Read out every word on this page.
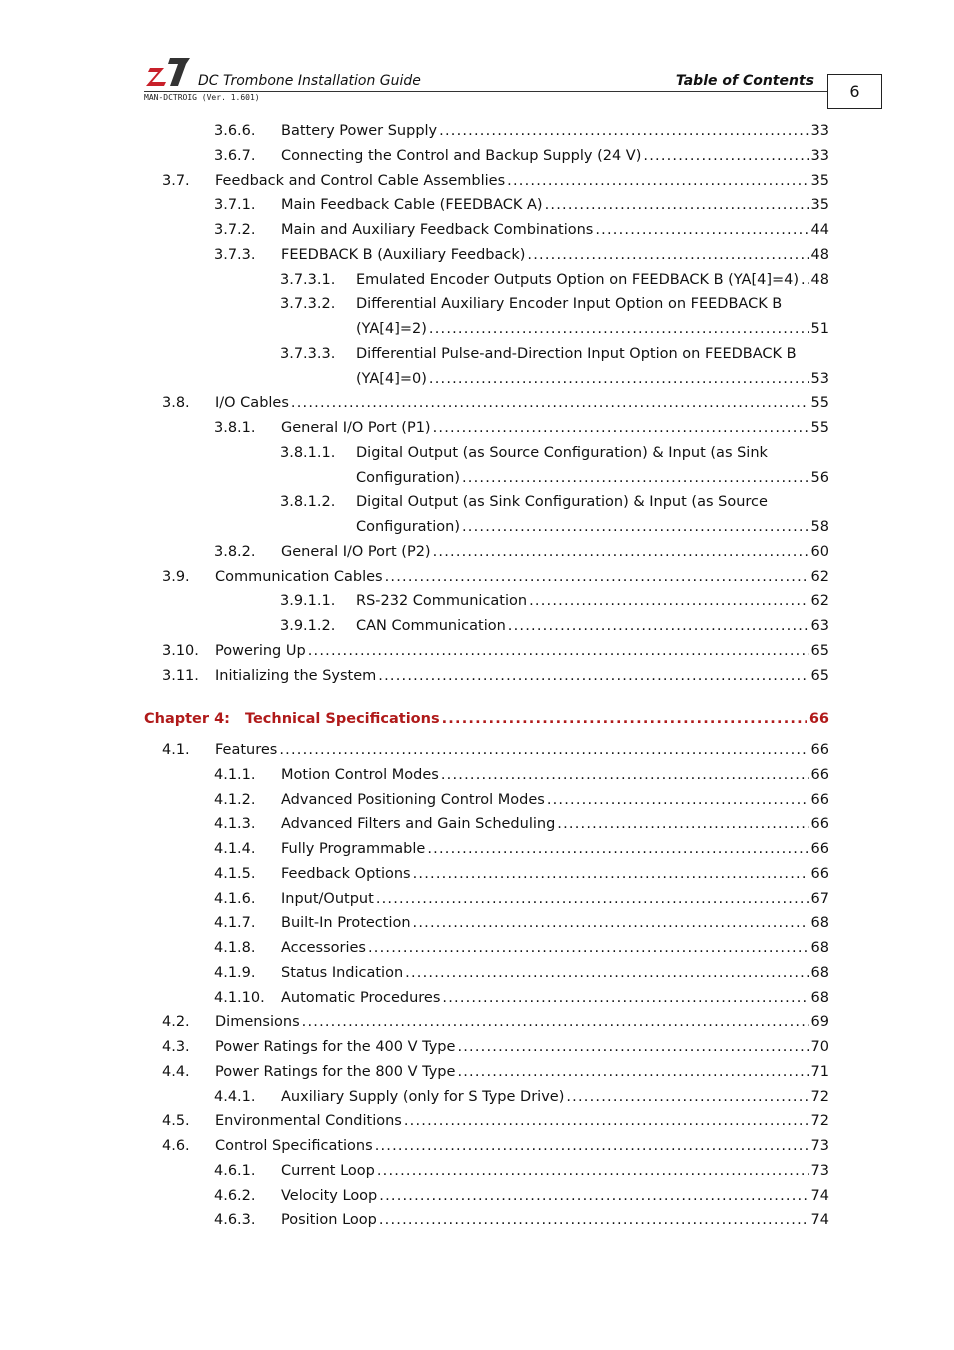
DC Trombone Installation Guide	Table of Contents
MAN-DCTROIG (Ver. 1.601)	6
3.6.6. Battery Power Supply .....	33
3.6.7. Connecting the Control and Backup Supply (24 V) .....	33
3.7. Feedback and Control Cable Assemblies .....	35
3.7.1. Main Feedback Cable (FEEDBACK A) .....	35
3.7.2. Main and Auxiliary Feedback Combinations .....	44
3.7.3. FEEDBACK B (Auxiliary Feedback) .....	48
3.7.3.1. Emulated Encoder Outputs Option on FEEDBACK B (YA[4]=4) ..... 48
3.7.3.2. Differential Auxiliary Encoder Input Option on FEEDBACK B
(YA[4]=2) .....	51
3.7.3.3. Differential Pulse-and-Direction Input Option on FEEDBACK B
(YA[4]=0) .....	53
3.8. I/O Cables .....	55
3.8.1. General I/O Port (P1) .....	55
3.8.1.1. Digital Output (as Source Configuration) & Input (as Sink
Configuration) .....	56
3.8.1.2. Digital Output (as Sink Configuration) & Input (as Source
Configuration) .....	58
3.8.2. General I/O Port (P2) .....	60
3.9. Communication Cables .....	62
3.9.1.1. RS-232 Communication .....	62
3.9.1.2. CAN Communication .....	63
3.10. Powering Up .....	65
3.11. Initializing the System .....	65
Chapter 4: Technical Specifications .....	66
4.1. Features .....	66
4.1.1. Motion Control Modes .....	66
4.1.2. Advanced Positioning Control Modes .....	66
4.1.3. Advanced Filters and Gain Scheduling .....	66
4.1.4. Fully Programmable .....	66
4.1.5. Feedback Options .....	66
4.1.6. Input/Output .....	67
4.1.7. Built-In Protection .....	68
4.1.8. Accessories .....	68
4.1.9. Status Indication .....	68
4.1.10. Automatic Procedures .....	68
4.2. Dimensions .....	69
4.3. Power Ratings for the 400 V Type .....	70
4.4. Power Ratings for the 800 V Type .....	71
4.4.1. Auxiliary Supply (only for S Type Drive) .....	72
4.5. Environmental Conditions .....	72
4.6. Control Specifications .....	73
4.6.1. Current Loop .....	73
4.6.2. Velocity Loop .....	74
4.6.3. Position Loop .....	74
